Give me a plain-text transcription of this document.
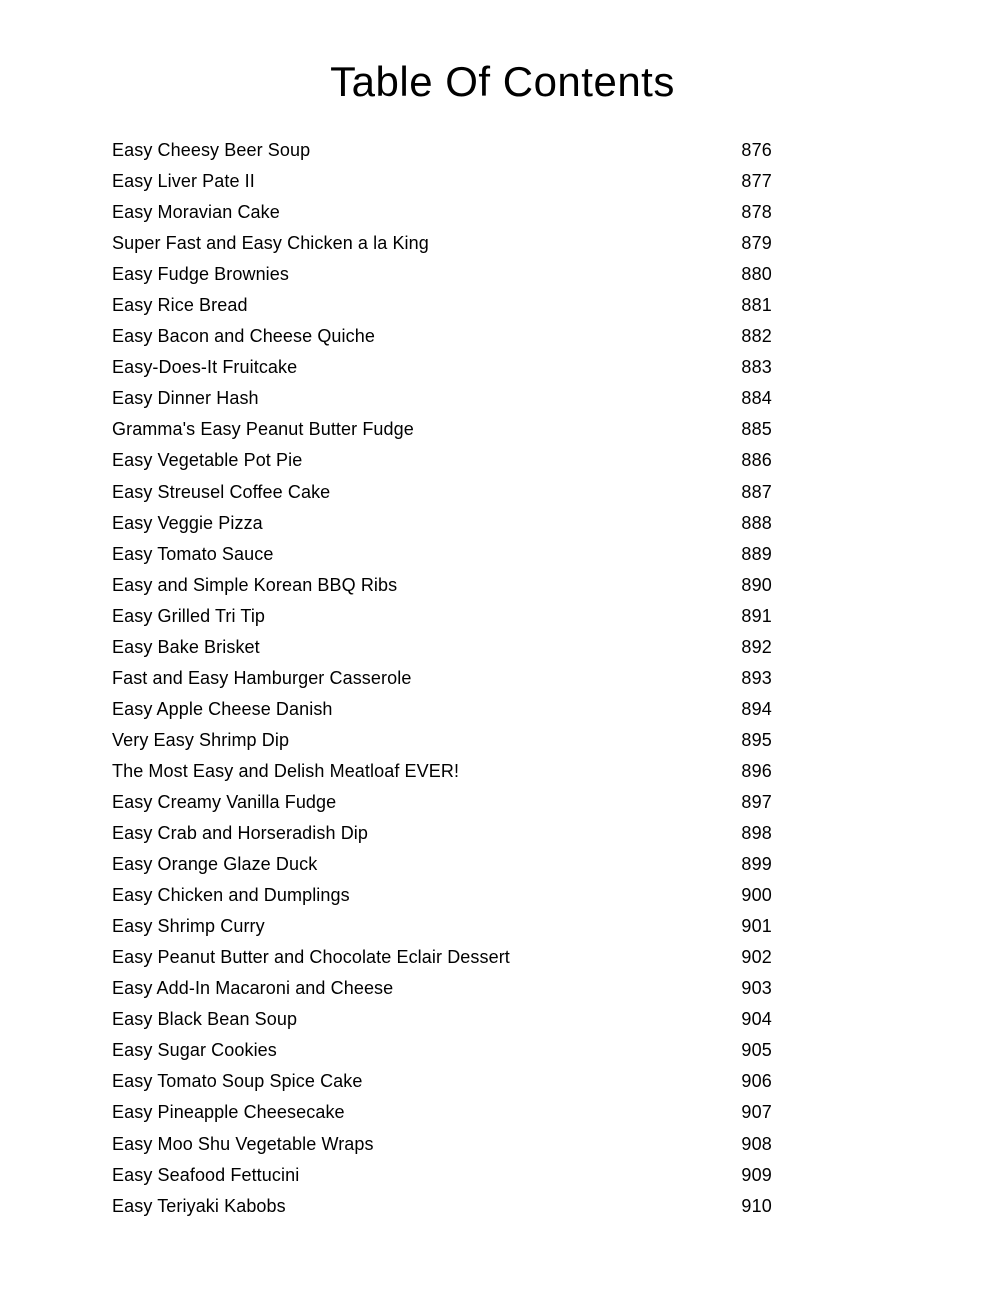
Table Of Contents
Easy Cheesy Beer Soup	876
Easy Liver Pate II	877
Easy Moravian Cake	878
Super Fast and Easy Chicken a la King	879
Easy Fudge Brownies	880
Easy Rice Bread	881
Easy Bacon and Cheese Quiche	882
Easy-Does-It Fruitcake	883
Easy Dinner Hash	884
Gramma's Easy Peanut Butter Fudge	885
Easy Vegetable Pot Pie	886
Easy Streusel Coffee Cake	887
Easy Veggie Pizza	888
Easy Tomato Sauce	889
Easy and Simple Korean BBQ Ribs	890
Easy Grilled Tri Tip	891
Easy Bake Brisket	892
Fast and Easy Hamburger Casserole	893
Easy Apple Cheese Danish	894
Very Easy Shrimp Dip	895
The Most Easy and Delish Meatloaf EVER!	896
Easy Creamy Vanilla Fudge	897
Easy Crab and Horseradish Dip	898
Easy Orange Glaze Duck	899
Easy Chicken and Dumplings	900
Easy Shrimp Curry	901
Easy Peanut Butter and Chocolate Eclair Dessert	902
Easy Add-In Macaroni and Cheese	903
Easy Black Bean Soup	904
Easy Sugar Cookies	905
Easy Tomato Soup Spice Cake	906
Easy Pineapple Cheesecake	907
Easy Moo Shu Vegetable Wraps	908
Easy Seafood Fettucini	909
Easy Teriyaki Kabobs	910
